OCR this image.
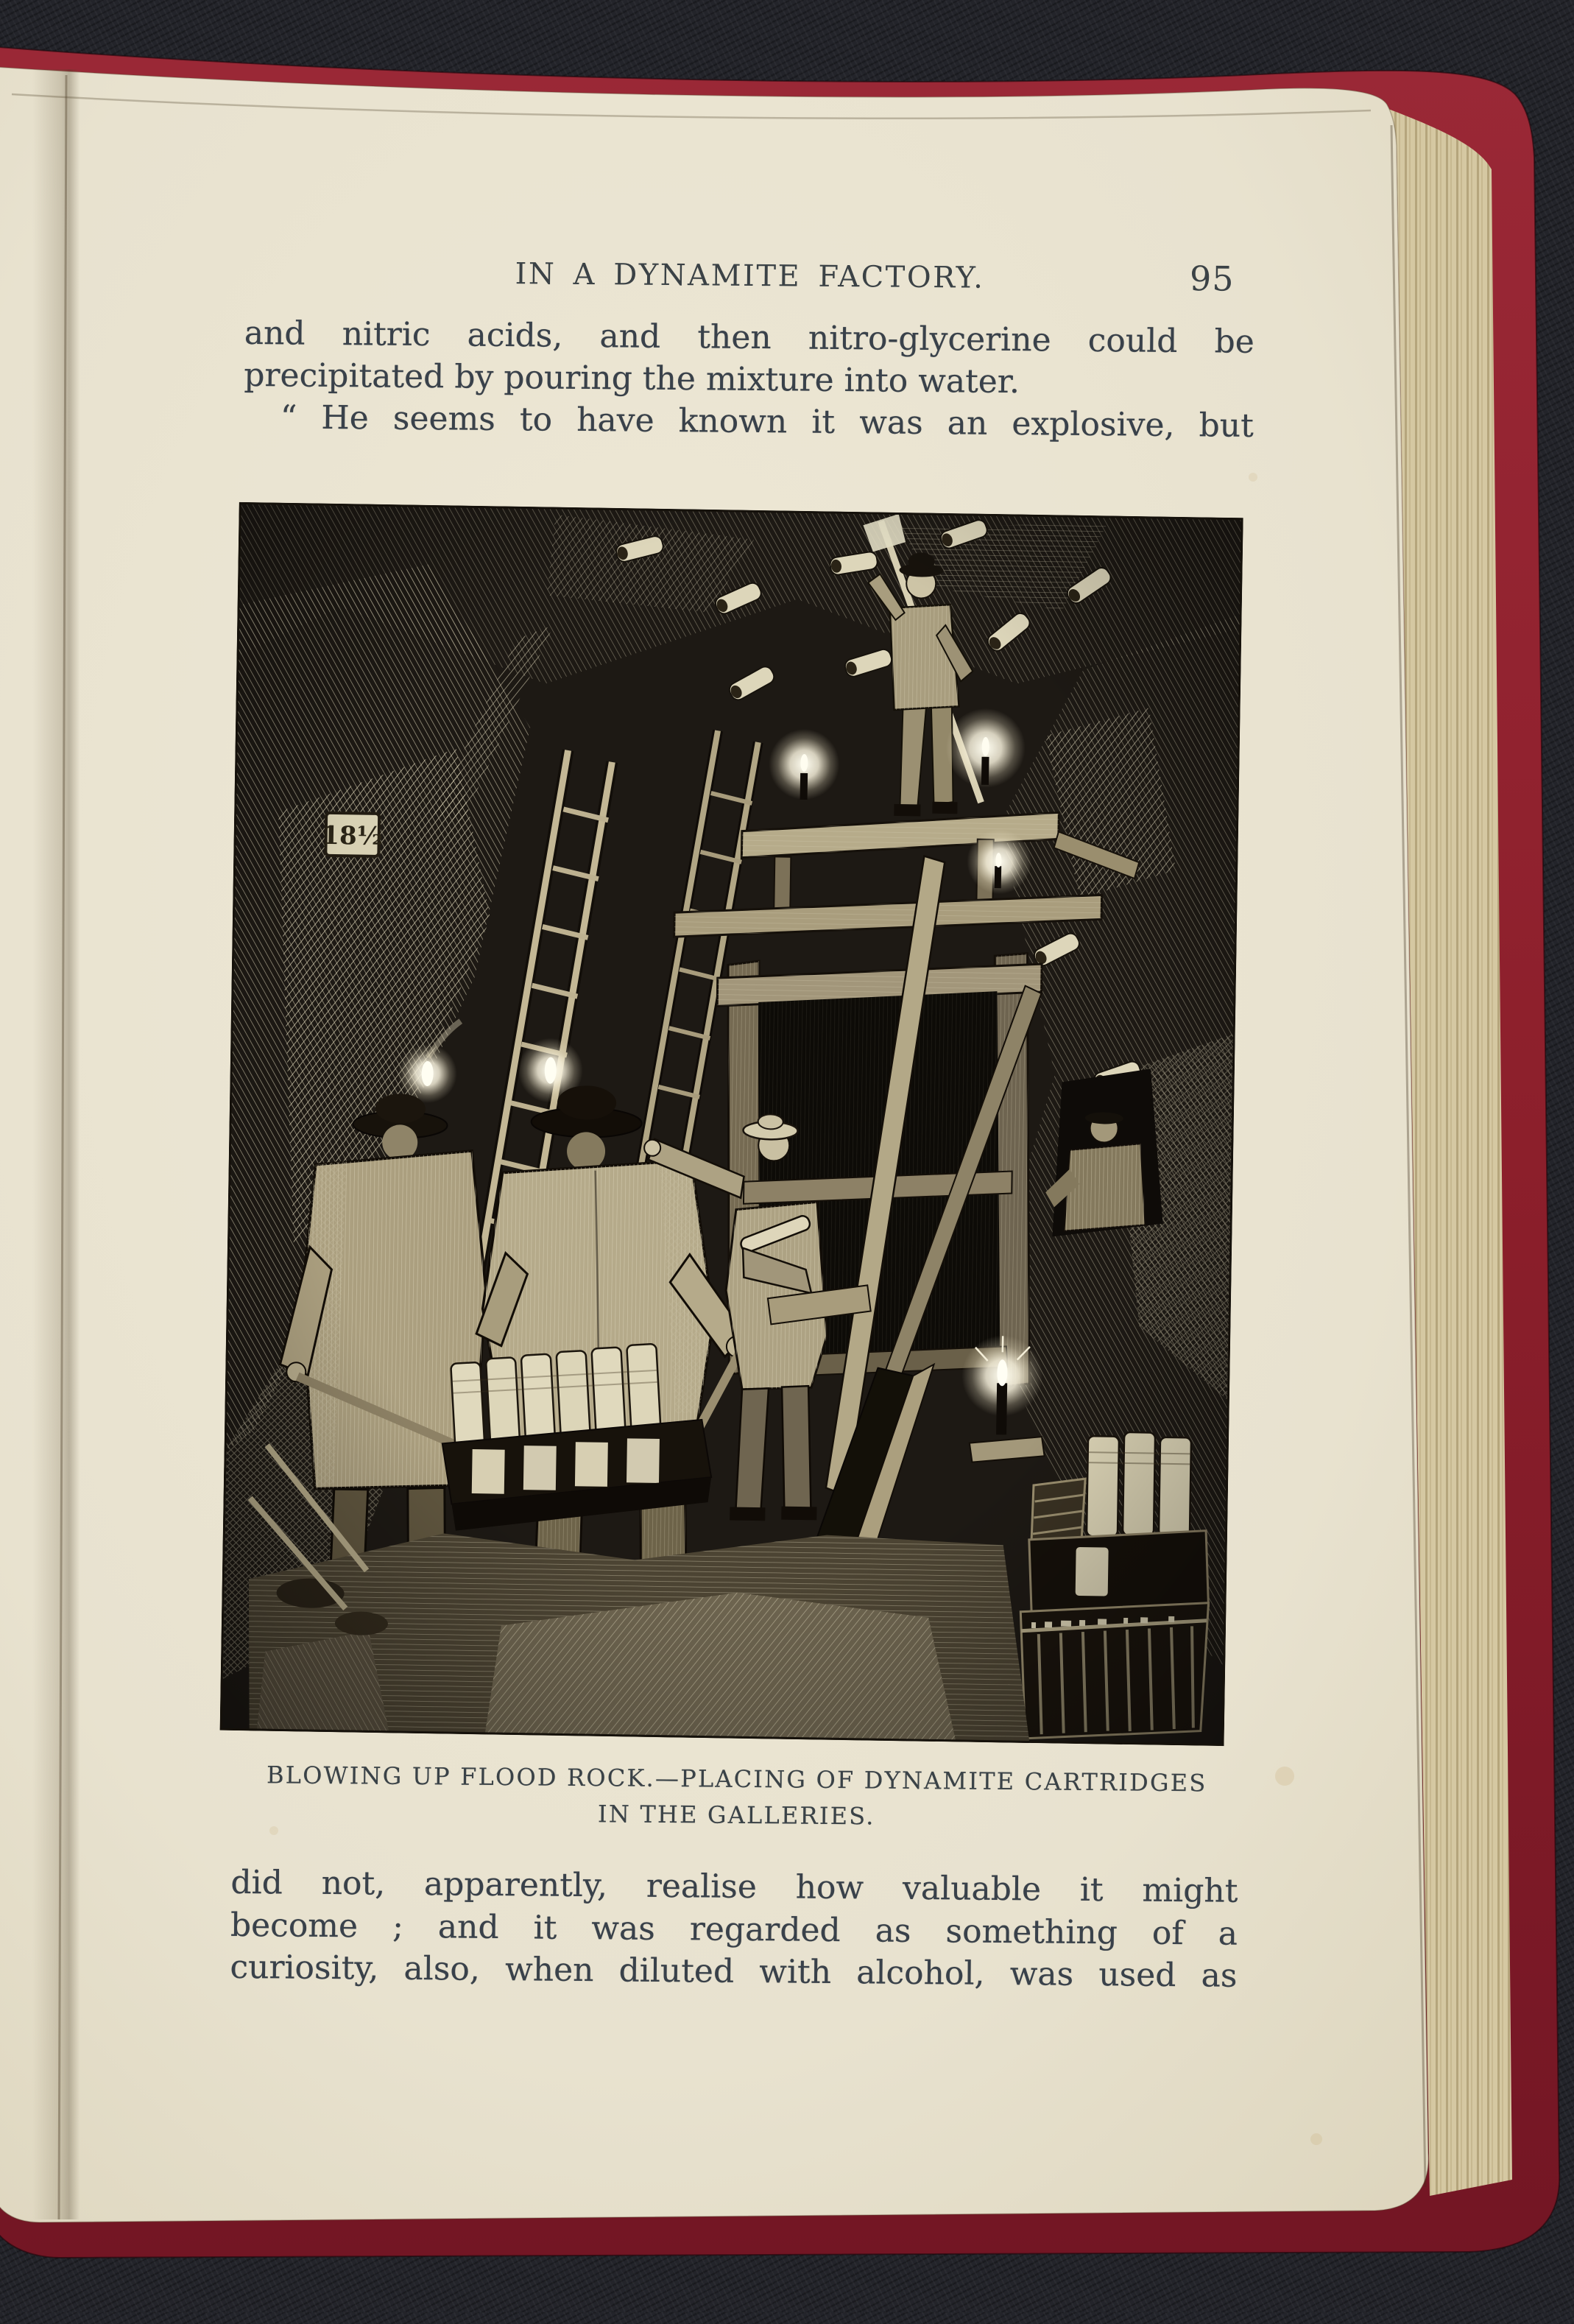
IN A DYNAMITE FACTORY.	95
and nitric acids, and then nitro-glycerine could be
precipitated by pouring the mixture into water.
“ He seems to have known it was an explosive, but
BLOWING UP FLOOD ROCK.—PLACING OF DYNAMITE CARTRIDGES
IN THE GALLERIES.
did not, apparently, realise how valuable it might
become ; and it was regarded as something of a
curiosity, also, when diluted with alcohol, was used as
